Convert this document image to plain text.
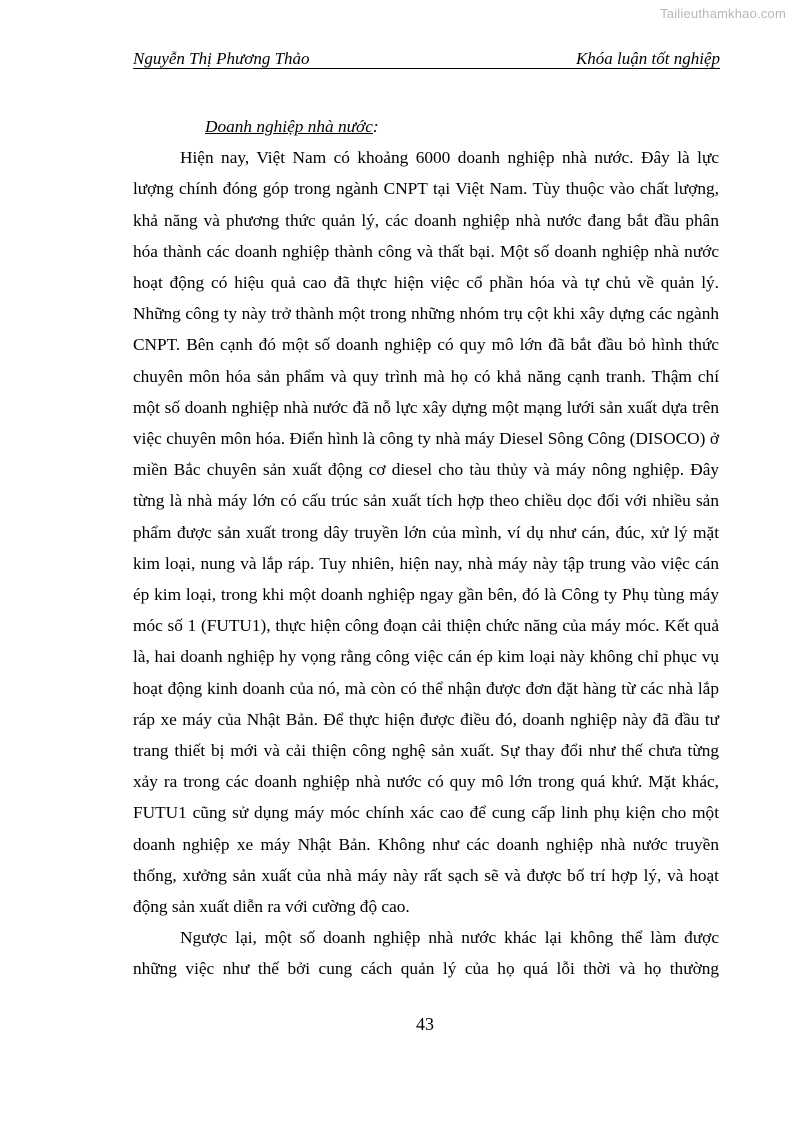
Tailieuthamkhao.com
Nguyễn Thị Phương Thảo	Khóa luận tốt nghiệp

Doanh nghiệp nhà nước:

Hiện nay, Việt Nam có khoảng 6000 doanh nghiệp nhà nước. Đây là lực lượng chính đóng góp trong ngành CNPT tại Việt Nam. Tùy thuộc vào chất lượng, khả năng và phương thức quản lý, các doanh nghiệp nhà nước đang bắt đầu phân hóa thành các doanh nghiệp thành công và thất bại. Một số doanh nghiệp nhà nước hoạt động có hiệu quả cao đã thực hiện việc cổ phần hóa và tự chủ về quản lý. Những công ty này trở thành một trong những nhóm trụ cột khi xây dựng các ngành CNPT. Bên cạnh đó một số doanh nghiệp có quy mô lớn đã bắt đầu bỏ hình thức chuyên môn hóa sản phẩm và quy trình mà họ có khả năng cạnh tranh. Thậm chí một số doanh nghiệp nhà nước đã nỗ lực xây dựng một mạng lưới sản xuất dựa trên việc chuyên môn hóa. Điển hình là công ty nhà máy Diesel Sông Công (DISOCO) ở miền Bắc chuyên sản xuất động cơ diesel cho tàu thủy và máy nông nghiệp. Đây từng là nhà máy lớn có cấu trúc sản xuất tích hợp theo chiều dọc đối với nhiều sản phẩm được sản xuất trong dây truyền lớn của mình, ví dụ như cán, đúc, xử lý mặt kim loại, nung và lắp ráp. Tuy nhiên, hiện nay, nhà máy này tập trung vào việc cán ép kim loại, trong khi một doanh nghiệp ngay gần bên, đó là Công ty Phụ tùng máy móc số 1 (FUTU1), thực hiện công đoạn cải thiện chức năng của máy móc. Kết quả là, hai doanh nghiệp hy vọng rằng công việc cán ép kim loại này không chỉ phục vụ hoạt động kinh doanh của nó, mà còn có thể nhận được đơn đặt hàng từ các nhà lắp ráp xe máy của Nhật Bản. Để thực hiện được điều đó, doanh nghiệp này đã đầu tư trang thiết bị mới và cải thiện công nghệ sản xuất. Sự thay đổi như thế chưa từng xảy ra trong các doanh nghiệp nhà nước có quy mô lớn trong quá khứ. Mặt khác, FUTU1 cũng sử dụng máy móc chính xác cao để cung cấp linh phụ kiện cho một doanh nghiệp xe máy Nhật Bản. Không như các doanh nghiệp nhà nước truyền thống, xưởng sản xuất của nhà máy này rất sạch sẽ và được bố trí hợp lý, và hoạt động sản xuất diễn ra với cường độ cao.

Ngược lại, một số doanh nghiệp nhà nước khác lại không thể làm được những việc như thế bởi cung cách quản lý của họ quá lỗi thời và họ thường

43
